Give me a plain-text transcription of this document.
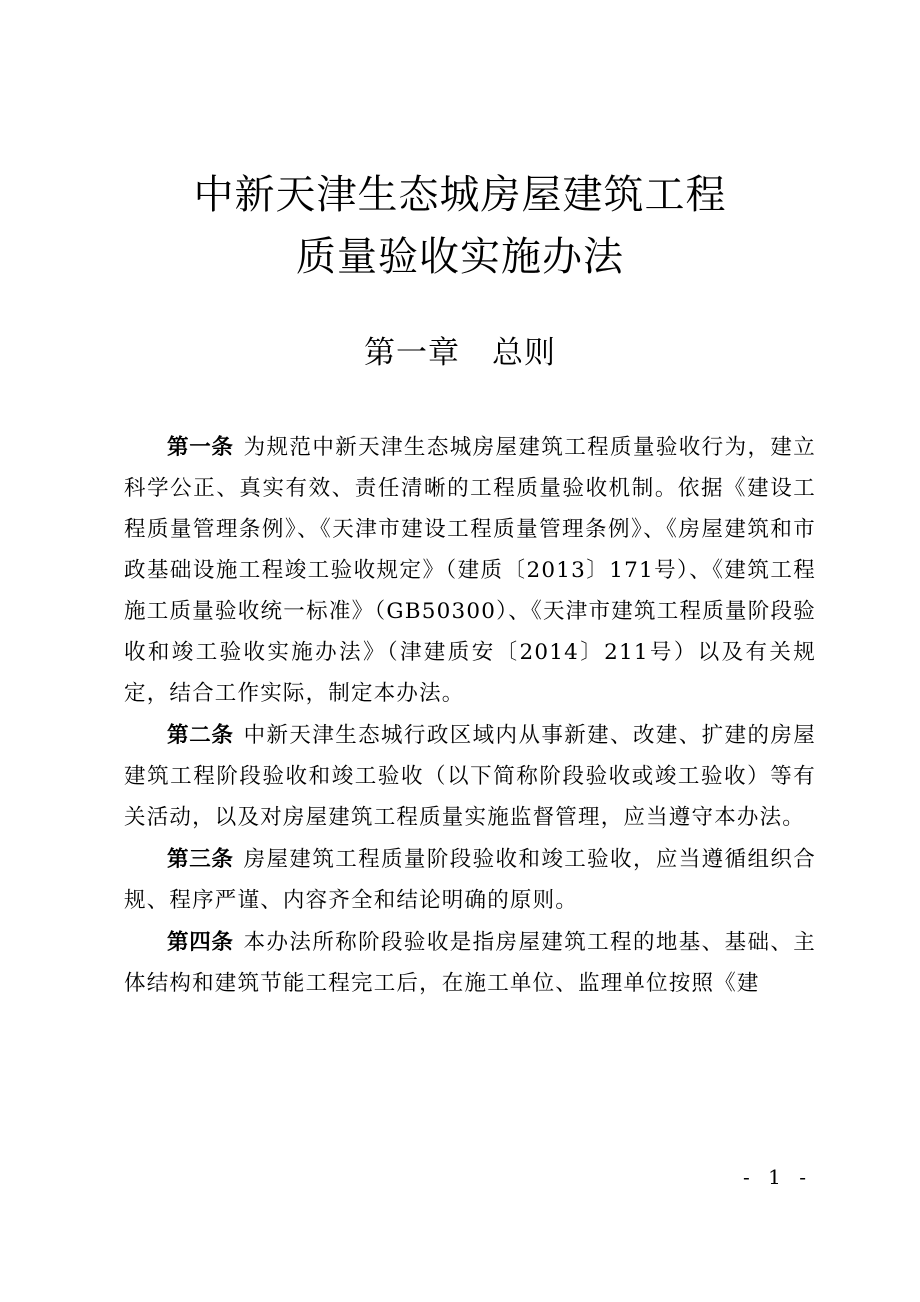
中新天津生态城房屋建筑工程
质量验收实施办法
第一章 总则

第一条 为规范中新天津生态城房屋建筑工程质量验收行为，建立科学公正、真实有效、责任清晰的工程质量验收机制。依据《建设工程质量管理条例》、《天津市建设工程质量管理条例》、《房屋建筑和市政基础设施工程竣工验收规定》（建质〔2013〕171号）、《建筑工程施工质量验收统一标准》（GB50300）、《天津市建筑工程质量阶段验收和竣工验收实施办法》（津建质安〔2014〕211号）以及有关规定，结合工作实际，制定本办法。

第二条 中新天津生态城行政区域内从事新建、改建、扩建的房屋建筑工程阶段验收和竣工验收（以下简称阶段验收或竣工验收）等有关活动，以及对房屋建筑工程质量实施监督管理，应当遵守本办法。

第三条 房屋建筑工程质量阶段验收和竣工验收，应当遵循组织合规、程序严谨、内容齐全和结论明确的原则。

第四条 本办法所称阶段验收是指房屋建筑工程的地基、基础、主体结构和建筑节能工程完工后，在施工单位、监理单位按照《建

- 1 -
